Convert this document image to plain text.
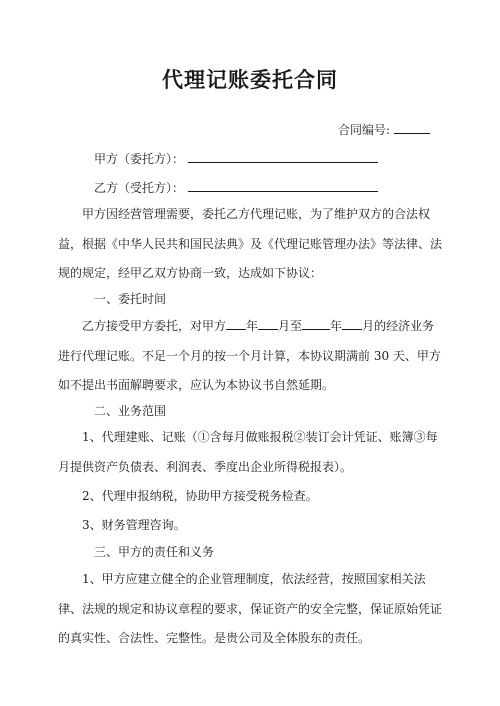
代理记账委托合同
合同编号:
甲方（委托方）：
乙方（受托方）：

甲方因经营管理需要，委托乙方代理记账，为了维护双方的合法权益，根据《中华人民共和国民法典》及《代理记账管理办法》等法律、法规的规定，经甲乙双方协商一致，达成如下协议：

一、委托时间

乙方接受甲方委托，对甲方 年 月至 年 月的经济业务进行代理记账。不足一个月的按一个月计算，本协议期满前 30 天、甲方如不提出书面解聘要求，应认为本协议书自然延期。

二、业务范围

1、代理建账、记账（①含每月做账报税②装订会计凭证、账簿③每月提供资产负债表、利润表、季度出企业所得税报表）。

2、代理申报纳税，协助甲方接受税务检查。

3、财务管理咨询。

三、甲方的责任和义务

1、甲方应建立健全的企业管理制度，依法经营，按照国家相关法律、法规的规定和协议章程的要求，保证资产的安全完整，保证原始凭证的真实性、合法性、完整性。是贵公司及全体股东的责任。
